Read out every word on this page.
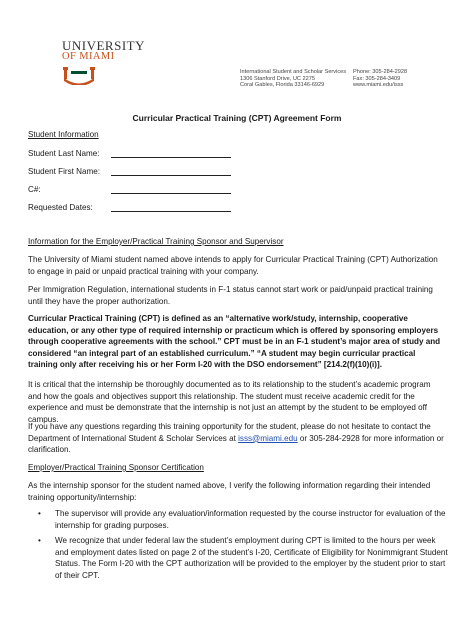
UNIVERSITY
OF MIAMI
International Student and Scholar Services
1306 Stanford Drive, UC 2275
Coral Gables, Florida 33146-6929
Phone: 305-284-2928
Fax: 305-284-3409
www.miami.edu/isss
Curricular Practical Training (CPT) Agreement Form
Student Information
Student Last Name:
Student First Name:
C#:
Requested Dates:
Information for the Employer/Practical Training Sponsor and Supervisor
The University of Miami student named above intends to apply for Curricular Practical Training (CPT) Authorization to engage in paid or unpaid practical training with your company.
Per Immigration Regulation, international students in F-1 status cannot start work or paid/unpaid practical training until they have the proper authorization.
Curricular Practical Training (CPT) is defined as an “alternative work/study, internship, cooperative education, or any other type of required internship or practicum which is offered by sponsoring employers through cooperative agreements with the school.” CPT must be in an F-1 student’s major area of study and considered “an integral part of an established curriculum.” “A student may begin curricular practical training only after receiving his or her Form I-20 with the DSO endorsement” [214.2(f)(10)(i)].
It is critical that the internship be thoroughly documented as to its relationship to the student’s academic program and how the goals and objectives support this relationship. The student must receive academic credit for the experience and must be demonstrate that the internship is not just an attempt by the student to be employed off campus.
If you have any questions regarding this training opportunity for the student, please do not hesitate to contact the Department of International Student & Scholar Services at isss@miami.edu or 305-284-2928 for more information or clarification.
Employer/Practical Training Sponsor Certification
As the internship sponsor for the student named above, I verify the following information regarding their intended training opportunity/internship:
• The supervisor will provide any evaluation/information requested by the course instructor for evaluation of the internship for grading purposes.
• We recognize that under federal law the student’s employment during CPT is limited to the hours per week and employment dates listed on page 2 of the student’s I-20, Certificate of Eligibility for Nonimmigrant Student Status. The Form I-20 with the CPT authorization will be provided to the employer by the student prior to start of their CPT.
